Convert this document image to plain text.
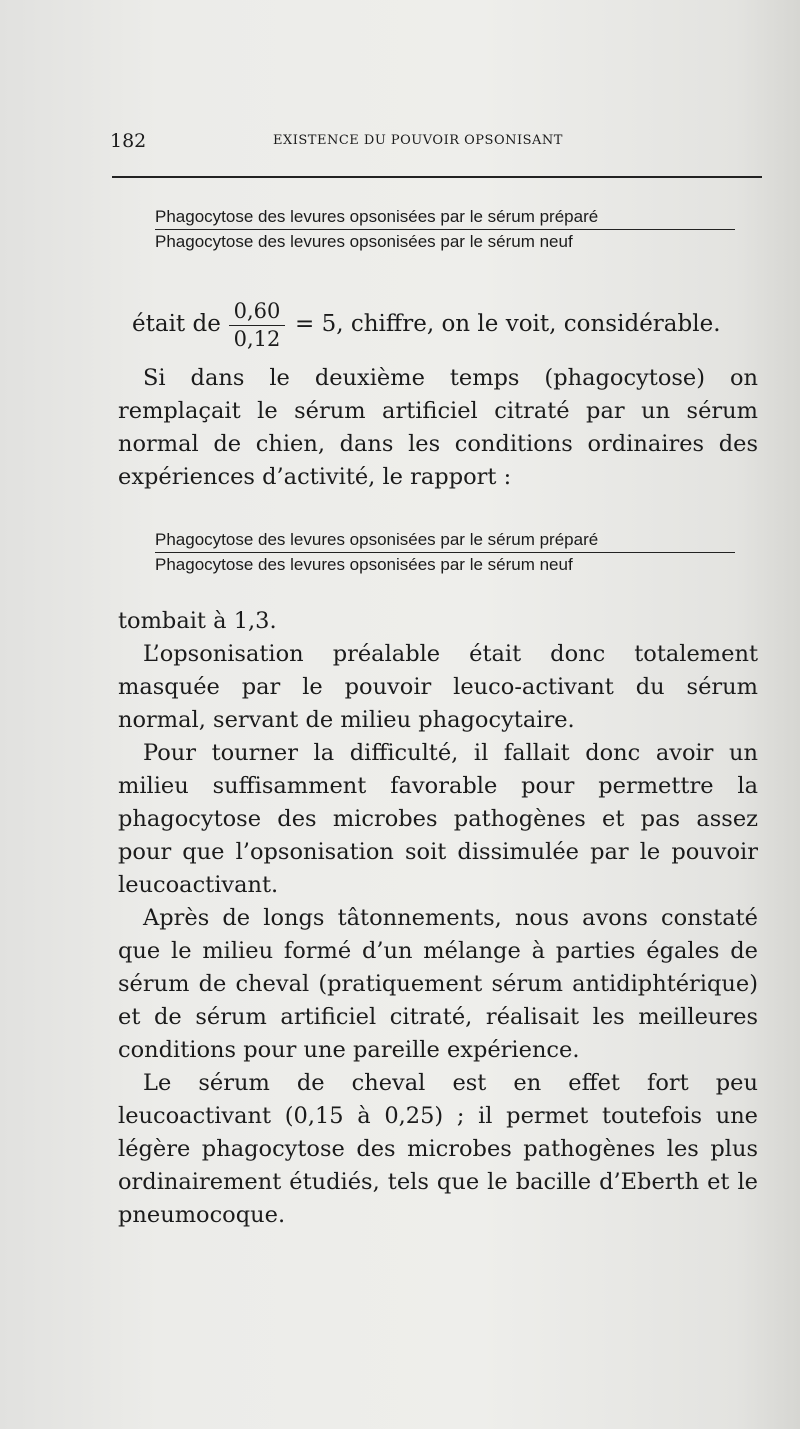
182	EXISTENCE DU POUVOIR OPSONISANT
Phagocytose des levures opsonisées par le sérum préparé
Phagocytose des levures opsonisées par le sérum neuf
était de 0,60
0,12
= 5, chiffre, on le voit, considérable.

Si dans le deuxième temps (phagocytose) on remplaçait le sérum artificiel citraté par un sérum normal de chien, dans les conditions ordinaires des expériences d’activité, le rapport :

Phagocytose des levures opsonisées par le sérum préparé
Phagocytose des levures opsonisées par le sérum neuf

tombait à 1,3.

L’opsonisation préalable était donc totalement masquée par le pouvoir leuco-activant du sérum normal, servant de milieu phagocytaire.

Pour tourner la difficulté, il fallait donc avoir un milieu suffisamment favorable pour permettre la phagocytose des microbes pathogènes et pas assez pour que l’opsonisation soit dissimulée par le pouvoir leucoactivant.

Après de longs tâtonnements, nous avons constaté que le milieu formé d’un mélange à parties égales de sérum de cheval (pratiquement sérum antidiphtérique) et de sérum artificiel citraté, réalisait les meilleures conditions pour une pareille expérience.

Le sérum de cheval est en effet fort peu leucoactivant (0,15 à 0,25) ; il permet toutefois une légère phagocytose des microbes pathogènes les plus ordinairement étudiés, tels que le bacille d’Eberth et le pneumocoque.
